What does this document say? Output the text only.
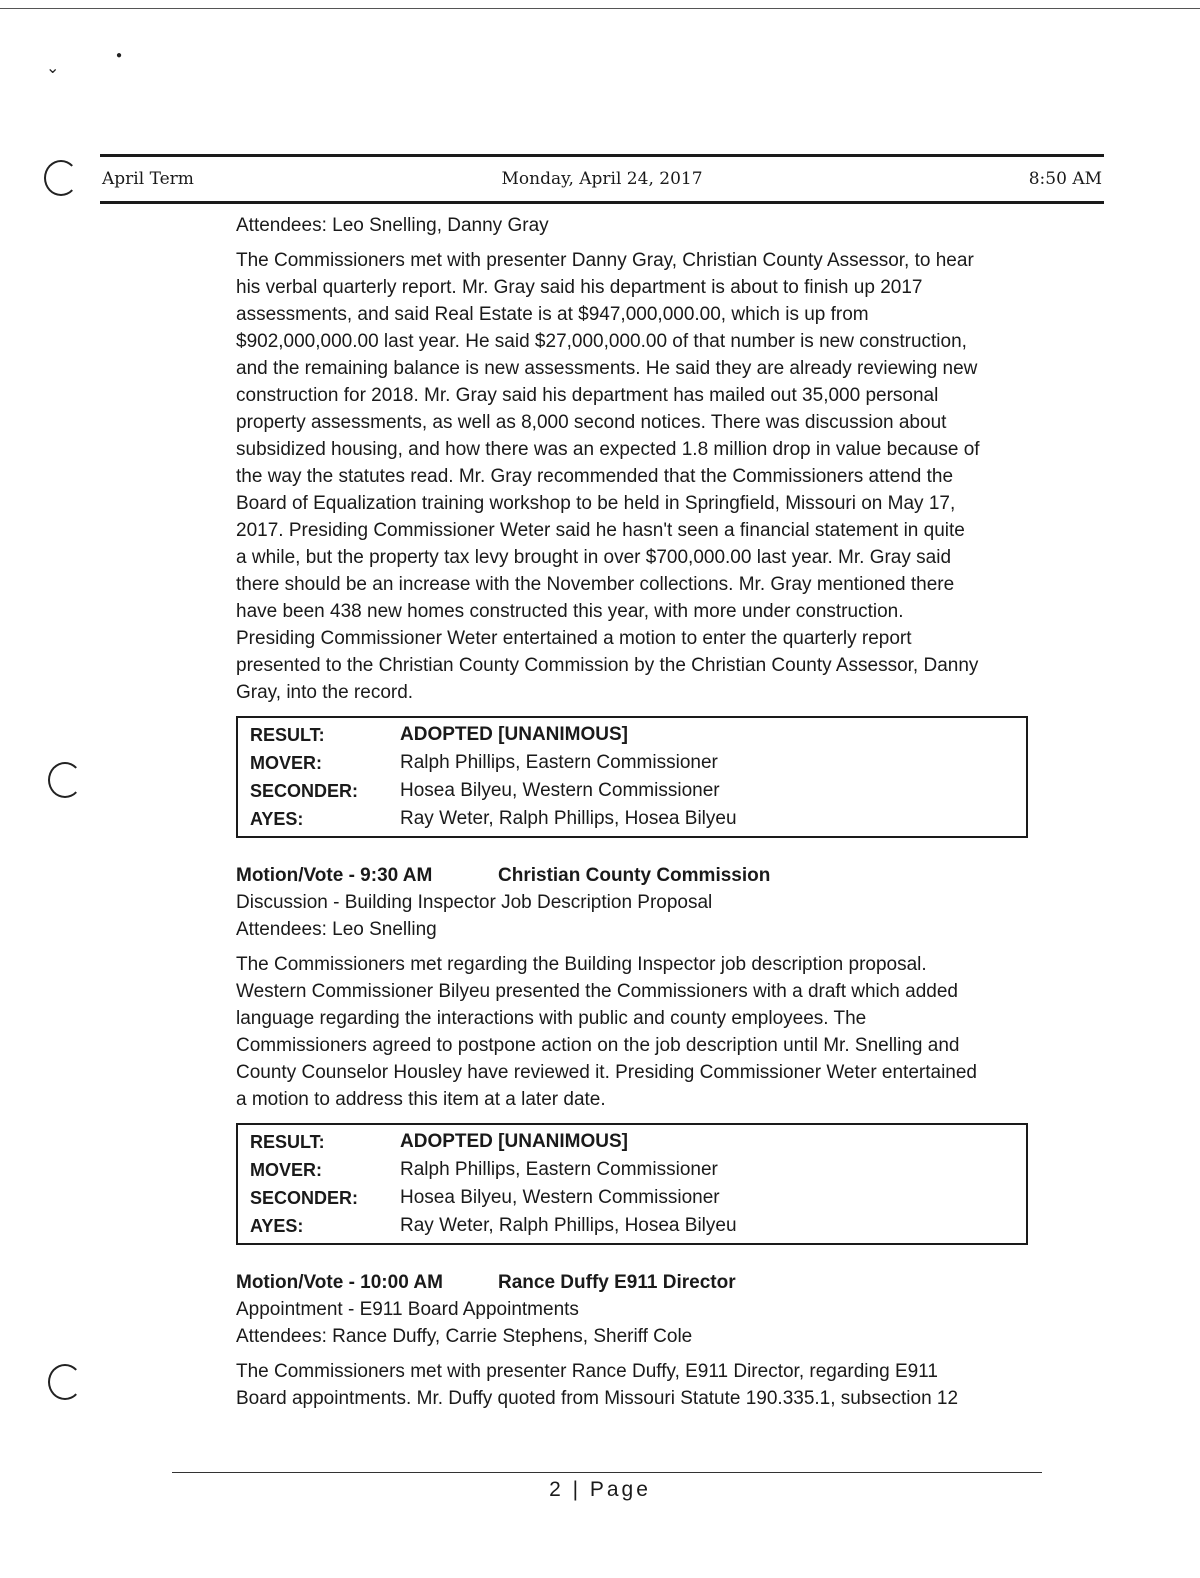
⌄
●
April Term	Monday, April 24, 2017	8:50 AM

Attendees: Leo Snelling, Danny Gray

The Commissioners met with presenter Danny Gray, Christian County Assessor, to hear
his verbal quarterly report. Mr. Gray said his department is about to finish up 2017
assessments, and said Real Estate is at $947,000,000.00, which is up from
$902,000,000.00 last year. He said $27,000,000.00 of that number is new construction,
and the remaining balance is new assessments. He said they are already reviewing new
construction for 2018. Mr. Gray said his department has mailed out 35,000 personal
property assessments, as well as 8,000 second notices. There was discussion about
subsidized housing, and how there was an expected 1.8 million drop in value because of
the way the statutes read. Mr. Gray recommended that the Commissioners attend the
Board of Equalization training workshop to be held in Springfield, Missouri on May 17,
2017. Presiding Commissioner Weter said he hasn't seen a financial statement in quite
a while, but the property tax levy brought in over $700,000.00 last year. Mr. Gray said
there should be an increase with the November collections. Mr. Gray mentioned there
have been 438 new homes constructed this year, with more under construction.
Presiding Commissioner Weter entertained a motion to enter the quarterly report
presented to the Christian County Commission by the Christian County Assessor, Danny
Gray, into the record.

RESULT:	ADOPTED [UNANIMOUS]
MOVER:	Ralph Phillips, Eastern Commissioner
SECONDER:	Hosea Bilyeu, Western Commissioner
AYES:	Ray Weter, Ralph Phillips, Hosea Bilyeu
Motion/Vote - 9:30 AM	Christian County Commission
Discussion - Building Inspector Job Description Proposal

Attendees: Leo Snelling

The Commissioners met regarding the Building Inspector job description proposal.
Western Commissioner Bilyeu presented the Commissioners with a draft which added
language regarding the interactions with public and county employees. The
Commissioners agreed to postpone action on the job description until Mr. Snelling and
County Counselor Housley have reviewed it. Presiding Commissioner Weter entertained
a motion to address this item at a later date.

RESULT:	ADOPTED [UNANIMOUS]
MOVER:	Ralph Phillips, Eastern Commissioner
SECONDER:	Hosea Bilyeu, Western Commissioner
AYES:	Ray Weter, Ralph Phillips, Hosea Bilyeu
Motion/Vote - 10:00 AM	Rance Duffy E911 Director
Appointment - E911 Board Appointments

Attendees: Rance Duffy, Carrie Stephens, Sheriff Cole

The Commissioners met with presenter Rance Duffy, E911 Director, regarding E911
Board appointments. Mr. Duffy quoted from Missouri Statute 190.335.1, subsection 12

2 | Page
